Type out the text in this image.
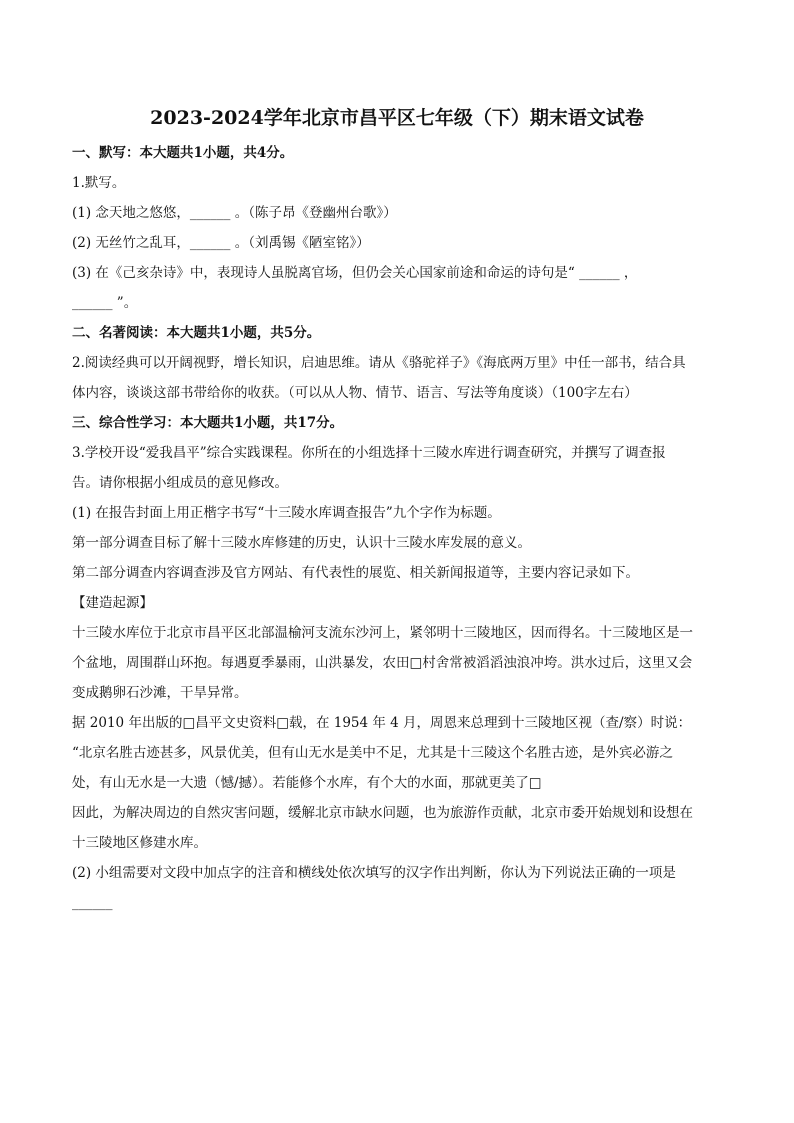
2023-2024学年北京市昌平区七年级（下）期末语文试卷
一、默写：本大题共1小题，共4分。
1.默写。
(1) 念天地之悠悠，______ 。（陈子昂《登幽州台歌》）
(2) 无丝竹之乱耳，______ 。（刘禹锡《陋室铭》）
(3) 在《己亥杂诗》中，表现诗人虽脱离官场，但仍会关心国家前途和命运的诗句是“ ______ ，
______ ”。
二、名著阅读：本大题共1小题，共5分。
2.阅读经典可以开阔视野，增长知识，启迪思维。请从《骆驼祥子》《海底两万里》中任一部书，结合具
体内容，谈谈这部书带给你的收获。（可以从人物、情节、语言、写法等角度谈）（100字左右）
三、综合性学习：本大题共1小题，共17分。
3.学校开设“爱我昌平”综合实践课程。你所在的小组选择十三陵水库进行调查研究，并撰写了调查报
告。请你根据小组成员的意见修改。
(1) 在报告封面上用正楷字书写“十三陵水库调查报告”九个字作为标题。
第一部分调查目标了解十三陵水库修建的历史，认识十三陵水库发展的意义。
第二部分调查内容调查涉及官方网站、有代表性的展览、相关新闻报道等，主要内容记录如下。
【建造起源】
十三陵水库位于北京市昌平区北部温榆河支流东沙河上，紧邻明十三陵地区，因而得名。十三陵地区是一
个盆地，周围群山环抱。每遇夏季暴雨，山洪暴发，农田□村舍常被滔滔浊浪冲垮。洪水过后，这里又会
变成鹅卵石沙滩，干旱异常。
据 2010 年出版的□昌平文史资料□载，在 1954 年 4 月，周恩来总理到十三陵地区视（查/察）时说：
“北京名胜古迹甚多，风景优美，但有山无水是美中不足，尤其是十三陵这个名胜古迹，是外宾必游之
处，有山无水是一大遗（憾/撼）。若能修个水库，有个大的水面，那就更美了□
因此，为解决周边的自然灾害问题，缓解北京市缺水问题，也为旅游作贡献，北京市委开始规划和设想在
十三陵地区修建水库。
(2) 小组需要对文段中加点字的注音和横线处依次填写的汉字作出判断，你认为下列说法正确的一项是
______
